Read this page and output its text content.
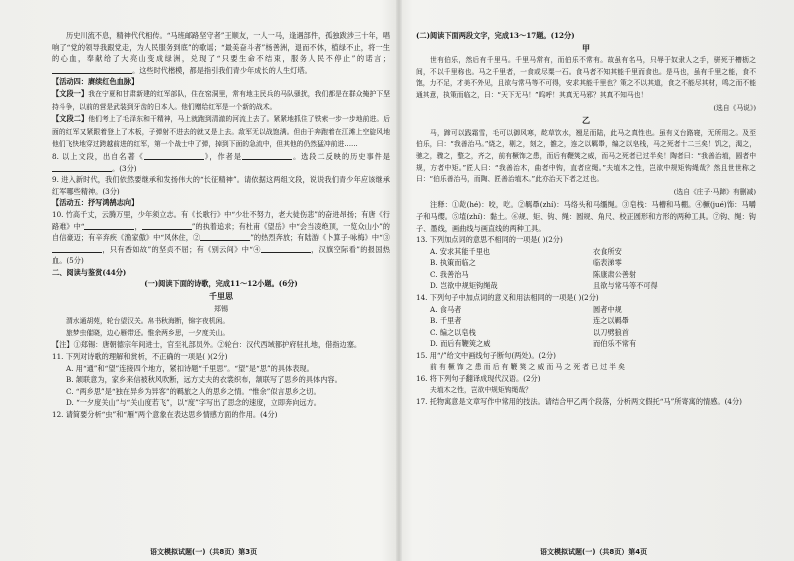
历史川流不息，精神代代相传。“马班邮路坚守者”王顺友，一人一马，逢遇部件，孤独跋涉三十年，唱响了“党的领导我跟党走，为人民服务到底”的歌谣；“最美奋斗者”杨善洲，退而不休，植绿不止，将一生的心血，奉献给了大亮山变成绿洲，兑现了“只要生命不结束，服务人民不停止”的诺言；。这些时代楷模，都是指引我们青少年成长的人生灯塔。

【活动四：赓续红色血脉】

【文段一】我在宁夏和甘肃新建的红军部队，住在窑洞里，常有地主民兵的马队骚扰，我们都是在群众掩护下坚持斗争，以前的营是武装到牙齿的日本人。他们赠给红军是一个新的战术。

【文段二】他们考上了毛泽东和干精神，马上就跑到清澈的河流上去了。紧紧地抓住了铁索一步一步地前进。后面的红军又紧跟着登上了木板，子弹射不进去的就又是上去。敌军无以战饱满。但由于奔跑着在江滩上空旋风地他们飞快地穿过跨越前进的红军，第一个战士中了弹，掉到下面的急流中，但其他的仍然猛冲前进……

8. 以上文段，出自名著《	》，作者是	。选段二反映的历史事件是。(3分)

9. 进入新时代，我们依然要继承和发扬伟大的“长征精神”。请依据这两组文段，说说我们青少年应该继承红军哪些精神。(3分)

【活动五：抒写鸿鹄志向】

10. 竹高千丈，云腾万里，少年须立志。有《长歌行》中“少壮不努力，老大徒伤悲”的奋进昂扬；有唐《行路难》中“	，	”的执着追求；有杜甫《望岳》中“会当凌绝顶，一览众山小”的自信豪迈；有辛弃疾《渔家傲》中“风休住，②	”的热烈奔放；有陆游《卜算子·咏梅》中“③，只有香如故”的坚贞不屈；有《别云间》中“④	，汉旗空际看”的报国热血。(5分)

二、阅读与鉴赏(44分)

(一)阅读下面的诗歌，完成11～12小题。(6分)

千里思

郑锡

渭水通胡苑，轮台望汉关。帛书秋海断，锦字夜机闲。

旅梦虫催晓，边心雁带还。惟余两乡思，一夕度关山。

【注】①郑锡：唐朝德宗年间进士，官至礼部员外。②轮台：汉代西域都护府驻扎地，借指边塞。

11. 下列对诗歌的理解和赏析，不正确的一项是( )(2分)

A. 用“通”和“望”连接四个地方，紧扣诗题“千里思”。“望”是“思”的具体表现。

B. 颔联意为，家乡来信被秋风吹断，远方丈夫的衣裳织布，颔联写了思乡的具体内容。

C. “两乡思”是“独在异乡为异客”的羁旅之人的思乡之情。“惟余”似言思乡之切。

D. “一夕度关山”与“关山度若飞”，以“度”字写出了思念的速度，立即奔向远方。

12. 请简要分析“虫”和“雁”两个意象在表达思乡情感方面的作用。(4分)

语文模拟试题(一)（共8页）第3页

(二)阅读下面两段文字，完成13～17题。(12分)

甲

世有伯乐，然后有千里马。千里马常有，而伯乐不常有。故虽有名马，只辱于奴隶人之手，骈死于槽枥之间，不以千里称也。马之千里者，一食或尽粟一石。食马者不知其能千里而食也。是马也，虽有千里之能，食不饱，力不足，才美不外见，且欲与常马等不可得，安求其能千里也？策之不以其道，食之不能尽其材，鸣之而不能通其意，执策而临之，曰：“天下无马！”呜呼！其真无马邪？其真不知马也！

(选自《马说》)

乙

马，蹄可以践霜雪，毛可以御风寒，龁草饮水，翘足而陆，此马之真性也。虽有义台路寝，无所用之。及至伯乐，曰：“我善治马。”烧之，剔之，刻之，雒之，连之以羁馽，编之以皂栈，马之死者十二三矣！饥之，渴之，驰之，骤之，整之，齐之，前有橛饰之患，而后有鞭筴之威，而马之死者已过半矣！陶者曰：“我善治埴，圆者中规，方者中矩。”匠人曰：“我善治木，曲者中钩，直者应绳。”夫埴木之性，岂欲中规矩钩绳哉？然且世世称之曰：“伯乐善治马，而陶、匠善治埴木。”此亦治天下者之过也。

(选自《庄子·马蹄》有删减)

注释：①龁(hé)：咬，吃。②羁馽(zhí)：马络头和马缰绳。③皂栈：马槽和马棚。④橛(jué)饰：马嚼子和马缨。⑤埴(zhí)：黏土。⑥规、矩、钩、绳：圆规、角尺、校正圆形和方形的两种工具。⑦钩、绳：钩子、墨线，画曲线与画直线的两种工具。

13. 下列加点词的意思不相同的一项是( )(2分)

A. 安求其能千里也	衣食所安
B. 执策而临之	临表涕零
C. 我善治马	陈康肃公善射
D. 岂欲中规矩钩绳哉	且欲与常马等不可得

14. 下列句子中加点词的意义和用法相同的一项是( )(2分)

A. 食马者	圆者中规
B. 千里者	连之以羁馽
C. 编之以皂栈	以刀劈狼首
D. 而后有鞭筴之威	而伯乐不常有

15. 用“/”给文中画线句子断句(两处)。(2分)

前 有 橛 饰 之 患 而 后 有 鞭 筴 之 威 而 马 之 死 者 已 过 半 矣

16. 将下列句子翻译成现代汉语。(2分)

夫埴木之性，岂欲中规矩钩绳哉？

17. 托物寓意是文章写作中常用的技法。请结合甲乙两个段落，分析两文假托“马”所寄寓的情感。(4分)

语文模拟试题(一)（共8页）第4页
